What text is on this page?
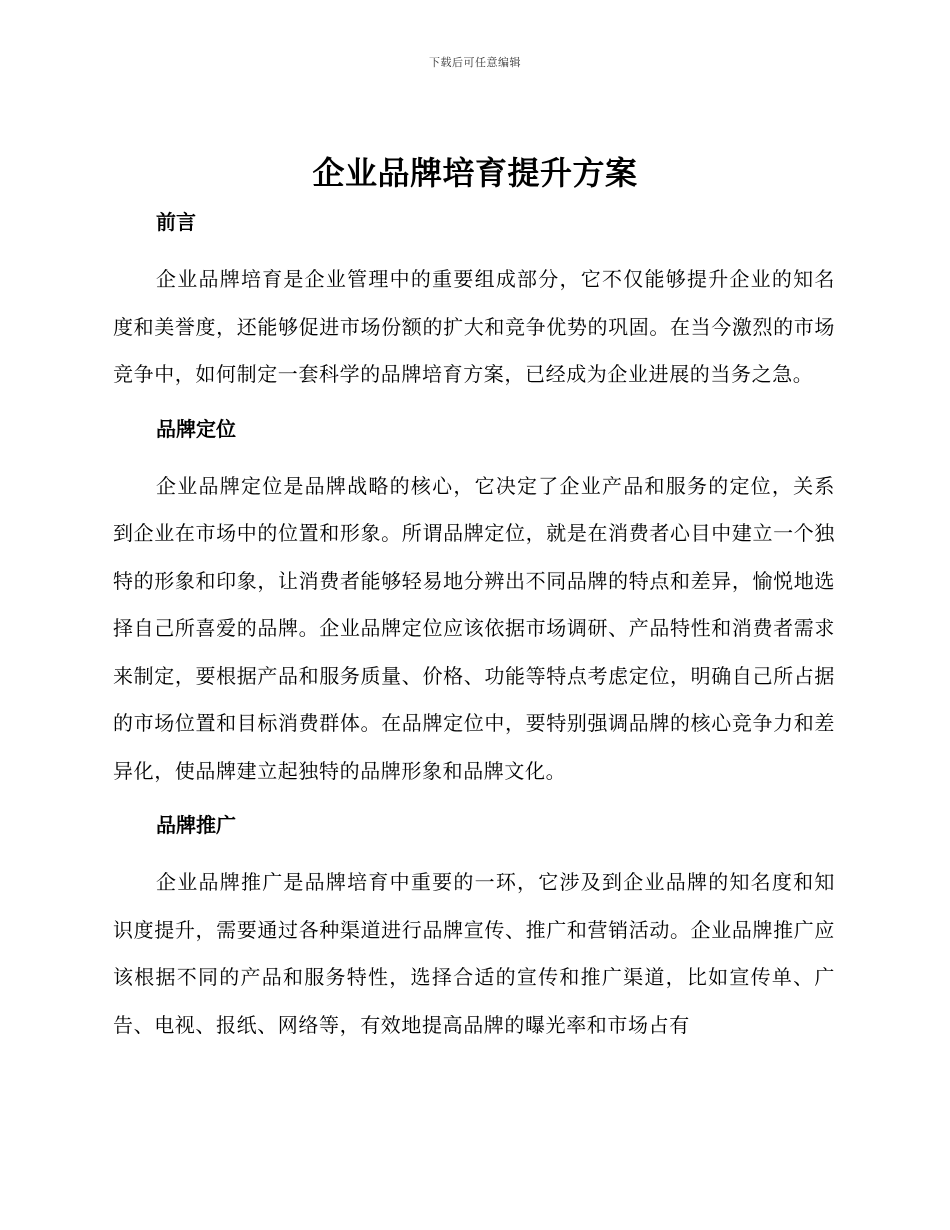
下载后可任意编辑
企业品牌培育提升方案
前言

企业品牌培育是企业管理中的重要组成部分，它不仅能够提升企业的知名度和美誉度，还能够促进市场份额的扩大和竞争优势的巩固。在当今激烈的市场竞争中，如何制定一套科学的品牌培育方案，已经成为企业进展的当务之急。

品牌定位

企业品牌定位是品牌战略的核心，它决定了企业产品和服务的定位，关系到企业在市场中的位置和形象。所谓品牌定位，就是在消费者心目中建立一个独特的形象和印象，让消费者能够轻易地分辨出不同品牌的特点和差异，愉悦地选择自己所喜爱的品牌。企业品牌定位应该依据市场调研、产品特性和消费者需求来制定，要根据产品和服务质量、价格、功能等特点考虑定位，明确自己所占据的市场位置和目标消费群体。在品牌定位中，要特别强调品牌的核心竞争力和差异化，使品牌建立起独特的品牌形象和品牌文化。

品牌推广

企业品牌推广是品牌培育中重要的一环，它涉及到企业品牌的知名度和知识度提升，需要通过各种渠道进行品牌宣传、推广和营销活动。企业品牌推广应该根据不同的产品和服务特性，选择合适的宣传和推广渠道，比如宣传单、广告、电视、报纸、网络等，有效地提高品牌的曝光率和市场占有
